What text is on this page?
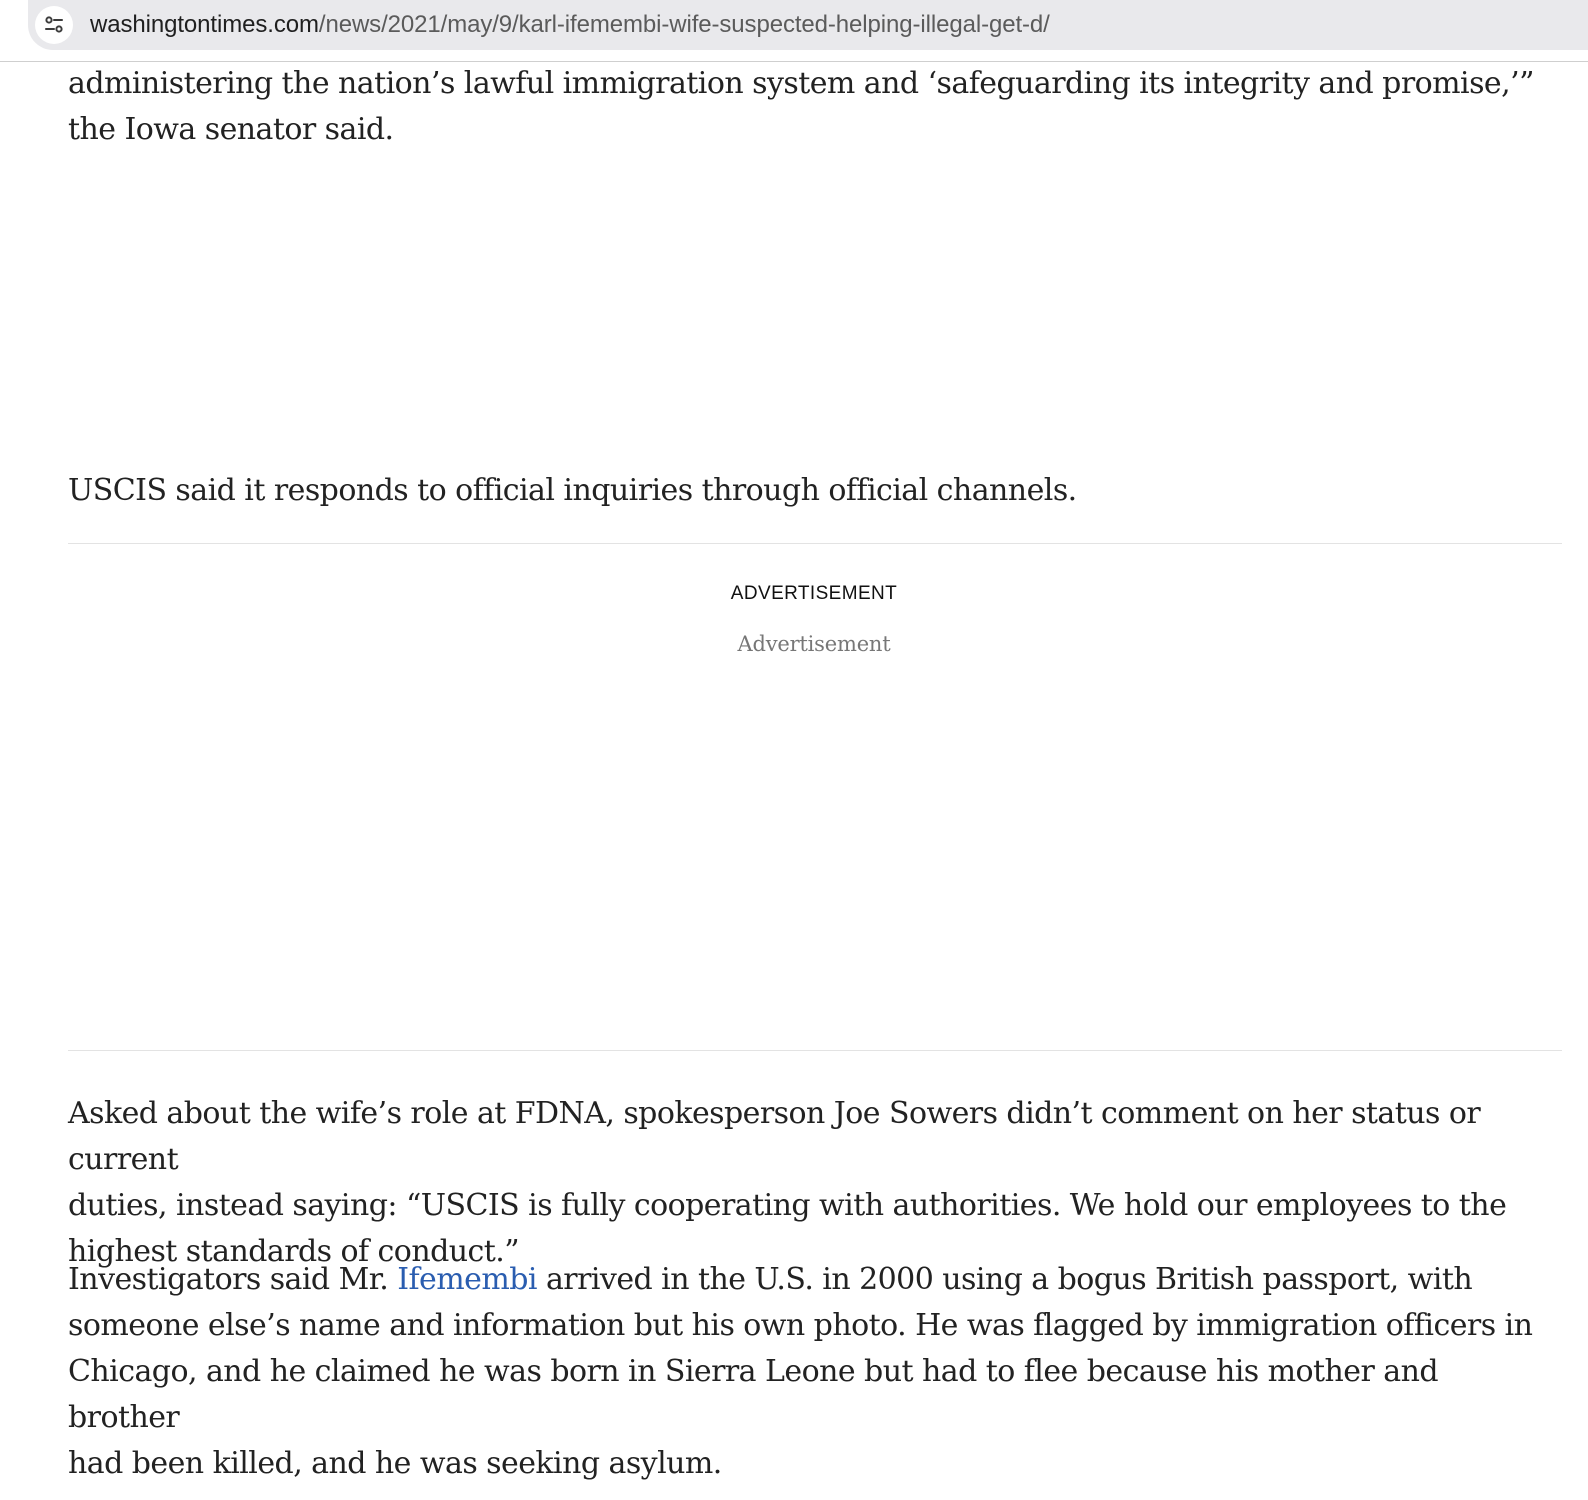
washingtontimes.com/news/2021/may/9/karl-ifemembi-wife-suspected-helping-illegal-get-d/
administering the nation’s lawful immigration system and ‘safeguarding its integrity and promise,’”
the Iowa senator said.
USCIS said it responds to official inquiries through official channels.
ADVERTISEMENT
Advertisement
Asked about the wife’s role at FDNA, spokesperson Joe Sowers didn’t comment on her status or current
duties, instead saying: “USCIS is fully cooperating with authorities. We hold our employees to the
highest standards of conduct.”
Investigators said Mr. Ifemembi arrived in the U.S. in 2000 using a bogus British passport, with
someone else’s name and information but his own photo. He was flagged by immigration officers in
Chicago, and he claimed he was born in Sierra Leone but had to flee because his mother and brother
had been killed, and he was seeking asylum.
